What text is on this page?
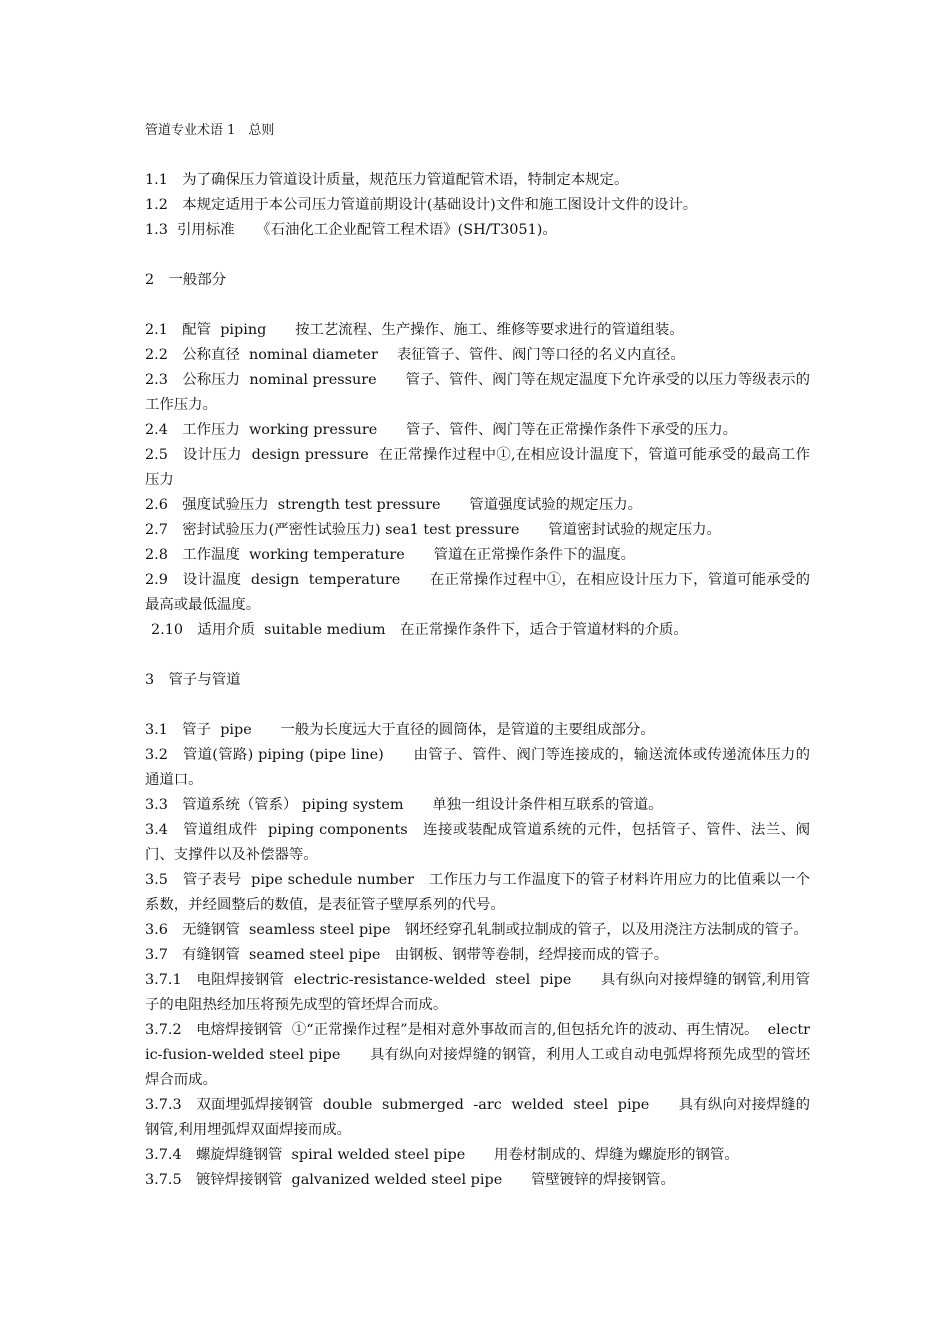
管道专业术语 1　总则
1.1　为了确保压力管道设计质量，规范压力管道配管术语，特制定本规定。
1.2　本规定适用于本公司压力管道前期设计(基础设计)文件和施工图设计文件的设计。
1.3  引用标准　　《石油化工企业配管工程术语》(SH/T3051)。
2　一般部分
2.1　配管  piping　　按工艺流程、生产操作、施工、维修等要求进行的管道组装。
2.2　公称直径  nominal diameter　 表征管子、管件、阀门等口径的名义内直径。
2.3　公称压力  nominal pressure　　管子、管件、阀门等在规定温度下允许承受的以压力等级表示的工作压力。
2.4　工作压力  working pressure　　管子、管件、阀门等在正常操作条件下承受的压力。
2.5　设计压力  design pressure  在正常操作过程中①,在相应设计温度下，管道可能承受的最高工作压力
2.6　强度试验压力  strength test pressure　　管道强度试验的规定压力。
2.7　密封试验压力(严密性试验压力) sea1 test pressure　　管道密封试验的规定压力。
2.8　工作温度  working temperature　　管道在正常操作条件下的温度。
2.9　设计温度  design  temperature　　在正常操作过程中①，在相应设计压力下，管道可能承受的最高或最低温度。
2.10　适用介质  suitable medium　在正常操作条件下，适合于管道材料的介质。
3　管子与管道
3.1　管子  pipe　　一般为长度远大于直径的圆筒体，是管道的主要组成部分。
3.2　管道(管路) piping (pipe line)　　由管子、管件、阀门等连接成的，输送流体或传递流体压力的通道口。
3.3　管道系统（管系） piping system　　单独一组设计条件相互联系的管道。
3.4　管道组成件  piping components　连接或装配成管道系统的元件，包括管子、管件、法兰、阀门、支撑件以及补偿器等。
3.5　管子表号  pipe schedule number　工作压力与工作温度下的管子材料许用应力的比值乘以一个系数，并经圆整后的数值，是表征管子壁厚系列的代号。
3.6　无缝钢管  seamless steel pipe　钢坯经穿孔轧制或拉制成的管子，以及用浇注方法制成的管子。
3.7　有缝钢管  seamed steel pipe　由钢板、钢带等卷制，经焊接而成的管子。
3.7.1　电阻焊接钢管  electric-resistance-welded  steel  pipe　　具有纵向对接焊缝的钢管,利用管子的电阻热经加压将预先成型的管坯焊合而成。
3.7.2　电熔焊接钢管  ①“正常操作过程”是相对意外事故而言的,但包括允许的波动、再生情况。  electric-fusion-welded steel pipe　　具有纵向对接焊缝的钢管，利用人工或自动电弧焊将预先成型的管坯焊合而成。
3.7.3　双面埋弧焊接钢管  double  submerged  -arc  welded  steel  pipe　　具有纵向对接焊缝的钢管,利用埋弧焊双面焊接而成。
3.7.4　螺旋焊缝钢管  spiral welded steel pipe　　用卷材制成的、焊缝为螺旋形的钢管。
3.7.5　镀锌焊接钢管  galvanized welded steel pipe　　管壁镀锌的焊接钢管。
